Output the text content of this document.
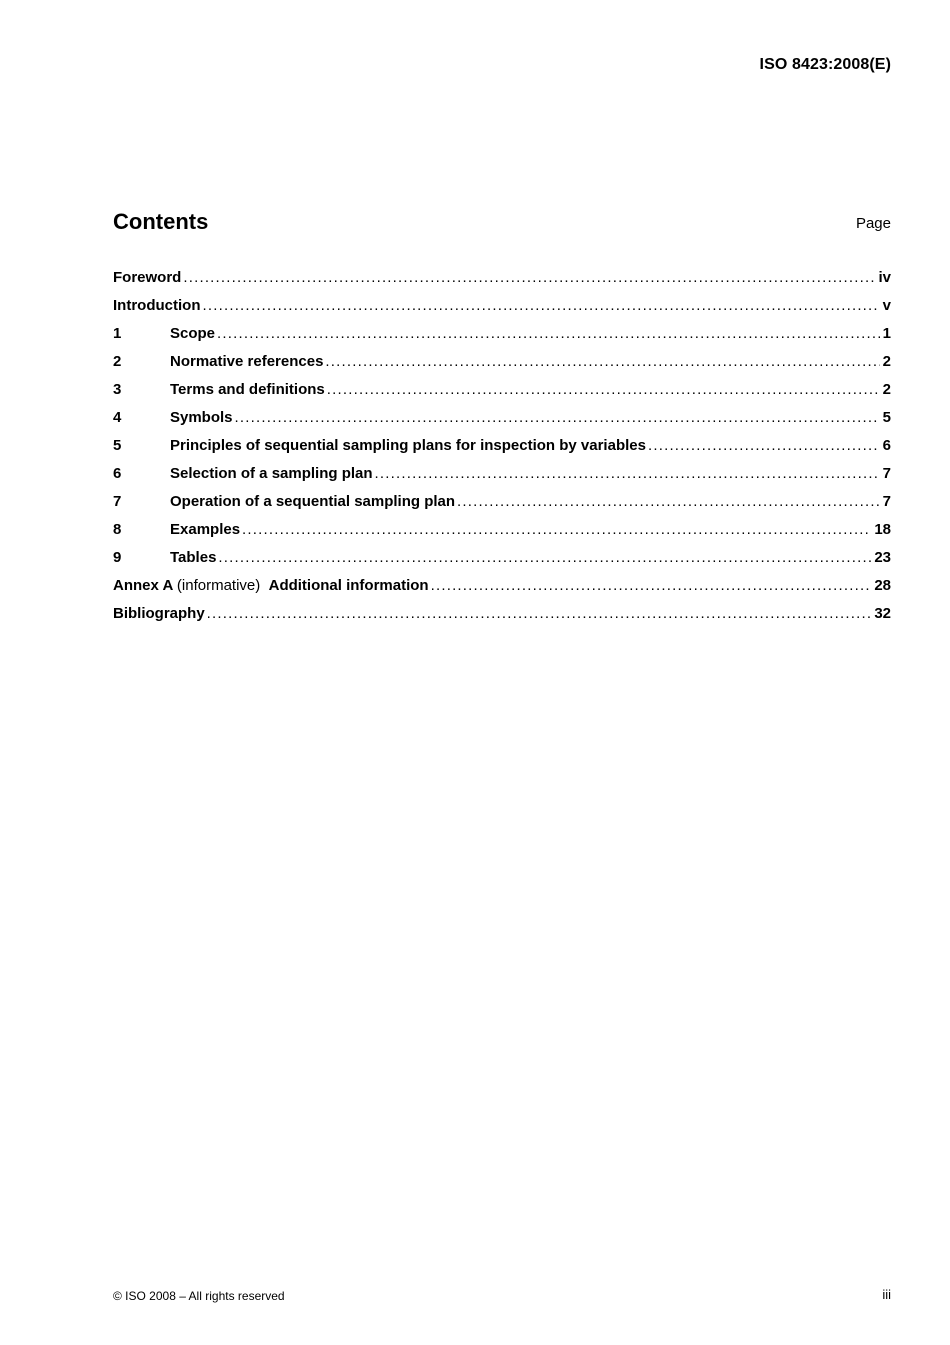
ISO 8423:2008(E)
Contents	Page
Foreword .....	iv
Introduction .....	v
1	Scope .....	1
2	Normative references .....	2
3	Terms and definitions .....	2
4	Symbols .....	5
5	Principles of sequential sampling plans for inspection by variables .....	6
6	Selection of a sampling plan .....	7
7	Operation of a sequential sampling plan .....	7
8	Examples .....	18
9	Tables .....	23
Annex A (informative) Additional information .....	28
Bibliography .....	32
© ISO 2008 – All rights reserved	iii
